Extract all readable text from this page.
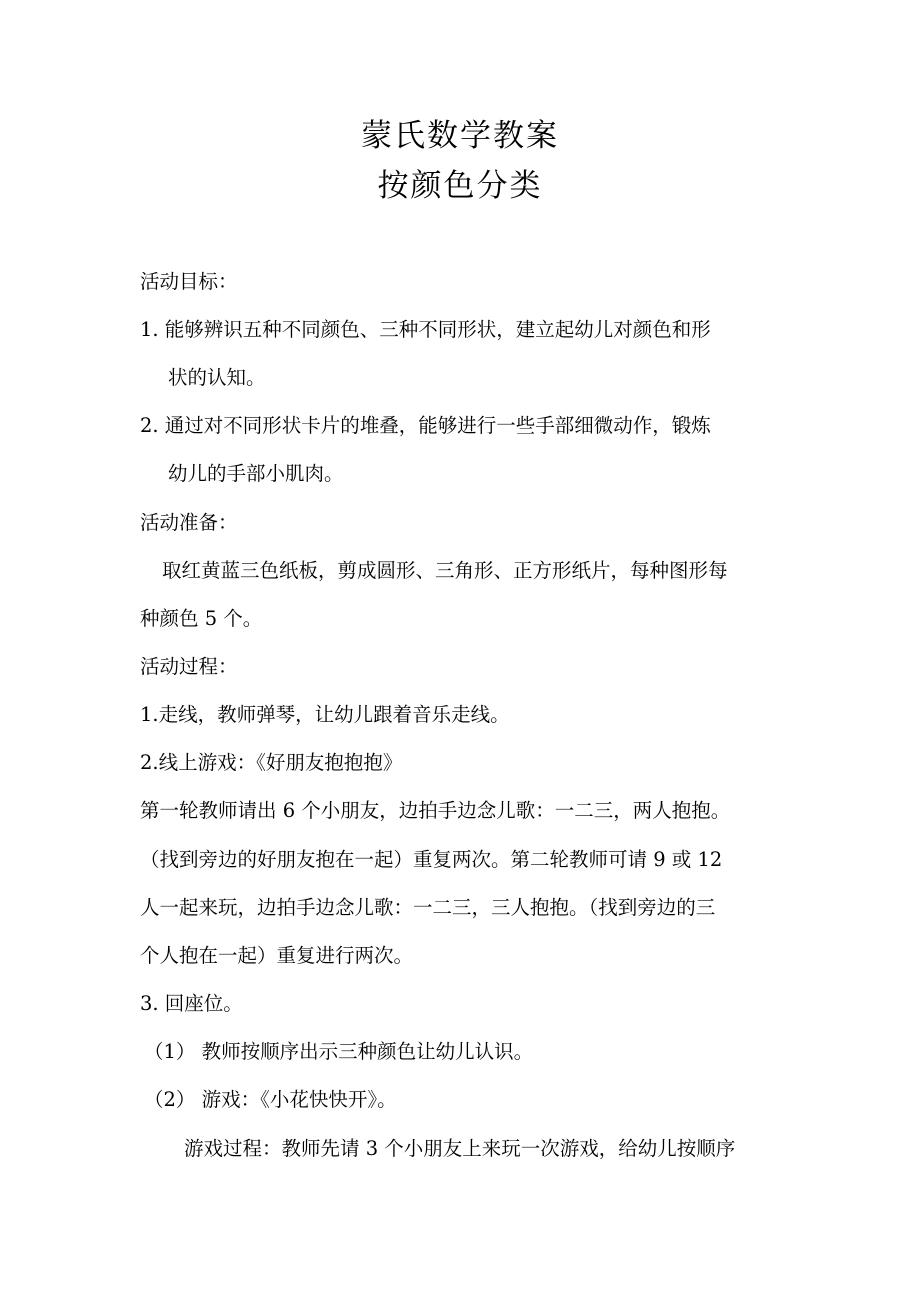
蒙氏数学教案
按颜色分类

活动目标：

1. 能够辨识五种不同颜色、三种不同形状，建立起幼儿对颜色和形

状的认知。

2. 通过对不同形状卡片的堆叠，能够进行一些手部细微动作，锻炼

幼儿的手部小肌肉。

活动准备：

取红黄蓝三色纸板，剪成圆形、三角形、正方形纸片，每种图形每

种颜色 5 个。

活动过程：

1.走线，教师弹琴，让幼儿跟着音乐走线。

2.线上游戏：《好朋友抱抱抱》

第一轮教师请出 6 个小朋友，边拍手边念儿歌：一二三，两人抱抱。

（找到旁边的好朋友抱在一起）重复两次。第二轮教师可请 9 或 12

人一起来玩，边拍手边念儿歌：一二三，三人抱抱。（找到旁边的三

个人抱在一起）重复进行两次。

3. 回座位。

（1） 教师按顺序出示三种颜色让幼儿认识。

（2） 游戏：《小花快快开》。

游戏过程：教师先请 3 个小朋友上来玩一次游戏，给幼儿按顺序
